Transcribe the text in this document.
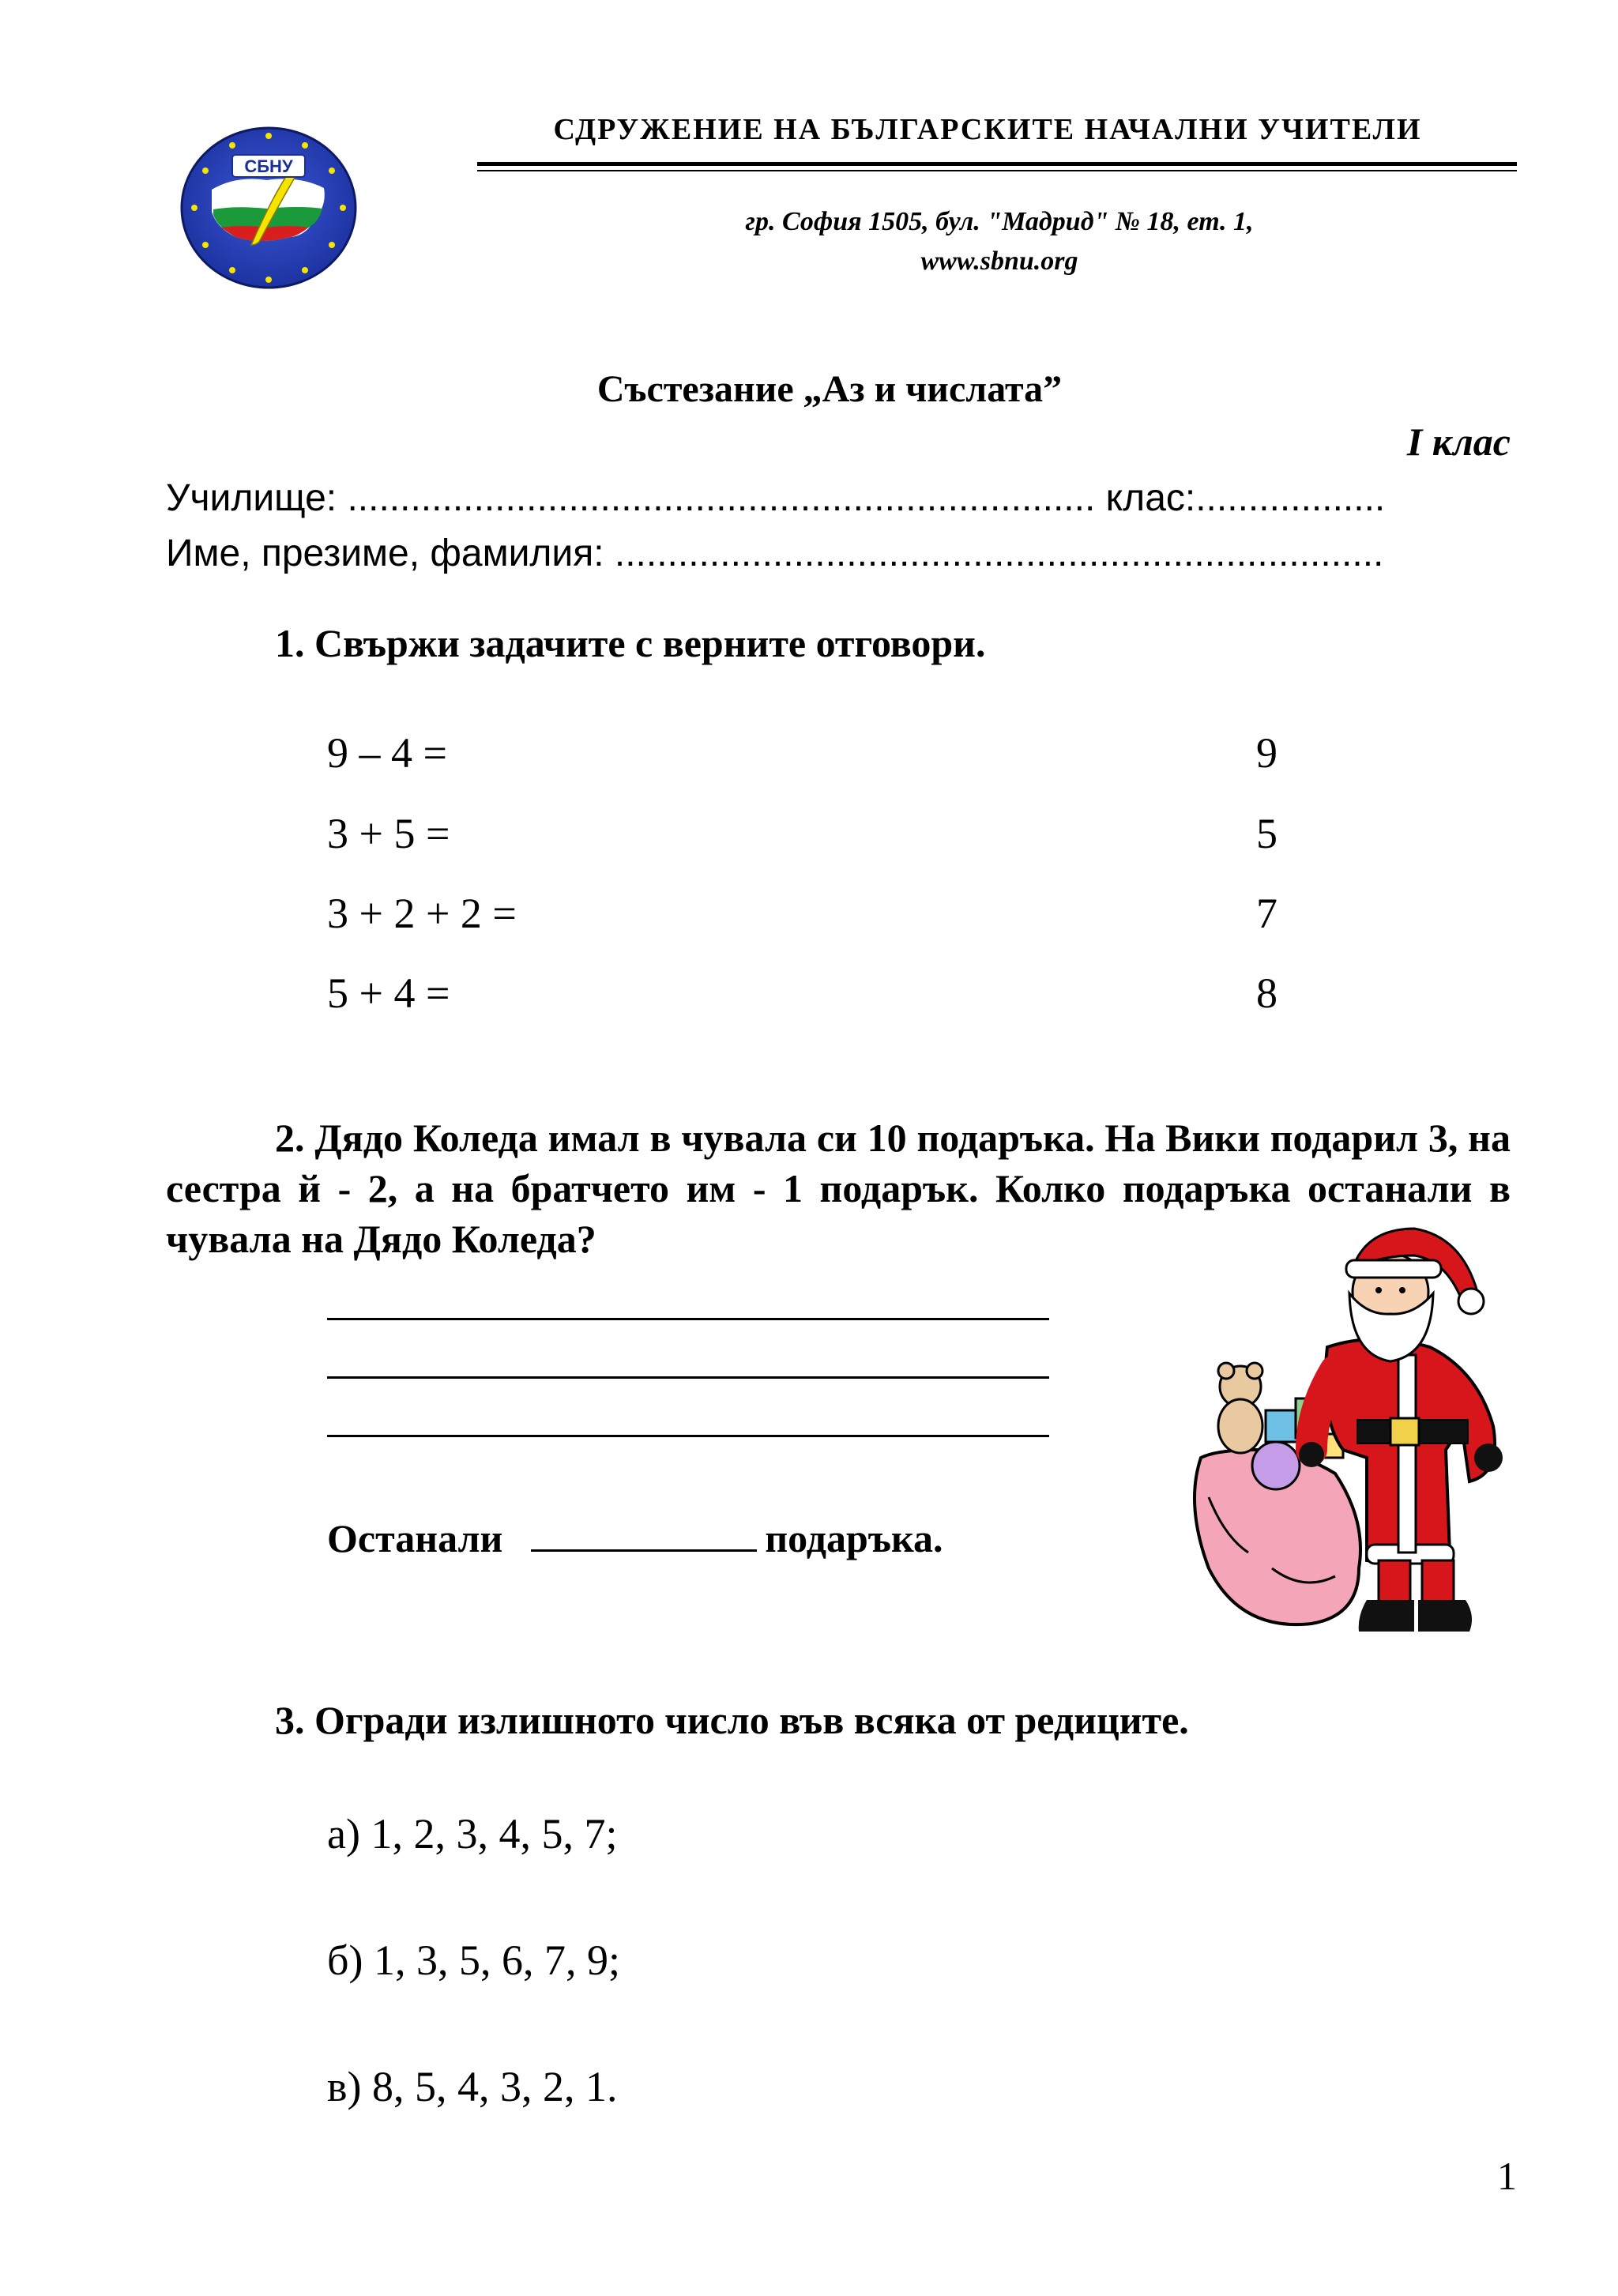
СБНУ
СДРУЖЕНИЕ НА БЪЛГАРСКИТЕ НАЧАЛНИ УЧИТЕЛИ
гр. София 1505, бул. "Мадрид" № 18, ет. 1,
www.sbnu.org
Състезание „Аз и числата”
I клас
Училище: ....................................................................... клас:..................
Име, презиме, фамилия: .........................................................................
1. Свържи задачите с верните отговори.
9 – 4 =
3 + 5 =
3 + 2 + 2 =
5 + 4 =
9
5
7
8
2. Дядо Коледа имал в чувала си 10 подаръка. На Вики подарил 3, на сестра й - 2, а на братчето им - 1 подарък. Колко подаръка останали в чувала на Дядо Коледа?
Останали	подаръка.
3. Огради излишното число във всяка от редиците.
а) 1, 2, 3, 4, 5, 7;
б) 1, 3, 5, 6, 7, 9;
в) 8, 5, 4, 3, 2, 1.
1
